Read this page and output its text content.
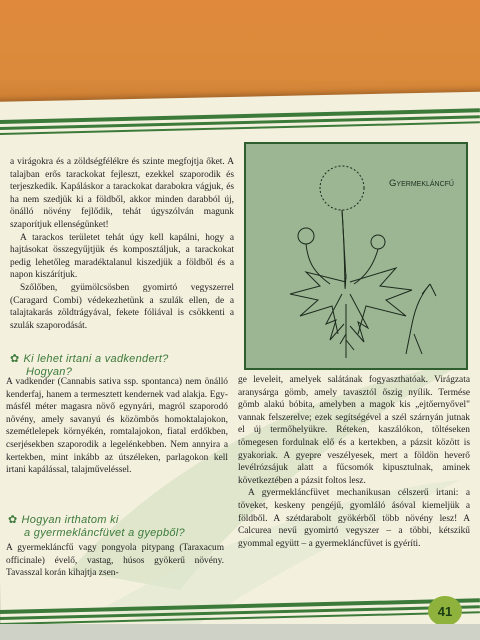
a virágokra és a zöldségfélékre és szinte megfojtja őket. A talajban erős tarackokat fejleszt, ezekkel szaporodik és terjeszkedik. Kapáláskor a tarackokat darabokra vágjuk, és ha nem szedjük ki a földből, akkor minden darabból új, önálló növény fejlődik, tehát úgyszólván magunk szaporítjuk ellenségünket!

A tarackos területet tehát úgy kell kapálni, hogy a hajtásokat összegyűjtjük és komposztáljuk, a tarackokat pedig lehetőleg maradéktalanul kiszedjük a földből és a napon kiszárítjuk.

Szőlőben, gyümölcsösben gyomirtó vegyszerrel (Caragard Combi) védekezhetünk a szulák ellen, de a talajtakarás zöldtrágyával, fekete fóliával is csökkenti a szulák szaporodását.

Gyermekláncfű
✿ Ki lehet irtani a vadkendert?
Hogyan?

A vadkender (Cannabis sativa ssp. spontanca) nem önálló kenderfaj, hanem a termesztett kendernek vad alakja. Egy-másfél méter magasra növő egynyári, magról szaporodó növény, amely savanyú és közömbös homoktalajokon, szemétlelepek környékén, romtalajokon, fiatal erdőkben, cserjésekben szaporodik a legelénkebben. Nem annyira a kertekben, mint inkább az útszéleken, parlagokon kell irtani kapálással, talajműveléssel.

✿ Hogyan irthatom ki
a gyermekláncfüvet a gyepből?

A gyermekláncfű vagy pongyola pitypang (Taraxacum officinale) évelő, vastag, húsos gyökerű növény. Tavasszal korán kihajtja zsen-

ge leveleit, amelyek salátának fogyaszthatóak. Virágzata aranysárga gömb, amely tavasztól őszig nyílik. Termése gömb alakú bóbita, amelyben a magok kis „ejtőernyővel" vannak felszerelve; ezek segítségével a szél szárnyán jutnak el új termőhelyükre. Réteken, kaszálókon, töltéseken tömegesen fordulnak elő és a kertekben, a pázsit között is gyakoriak. A gyepre veszélyesek, mert a földön heverő levélrózsájuk alatt a fűcsomók kipusztulnak, aminek következtében a pázsit foltos lesz.

A gyermekláncfüvet mechanikusan célszerű irtani: a töveket, keskeny pengéjű, gyomláló ásóval kiemeljük a földből. A szétdarabolt gyökérből több növény lesz! A Calcurea nevű gyomirtó vegyszer – a többi, kétszikű gyommal együtt – a gyermekláncfüvet is gyéríti.

41
